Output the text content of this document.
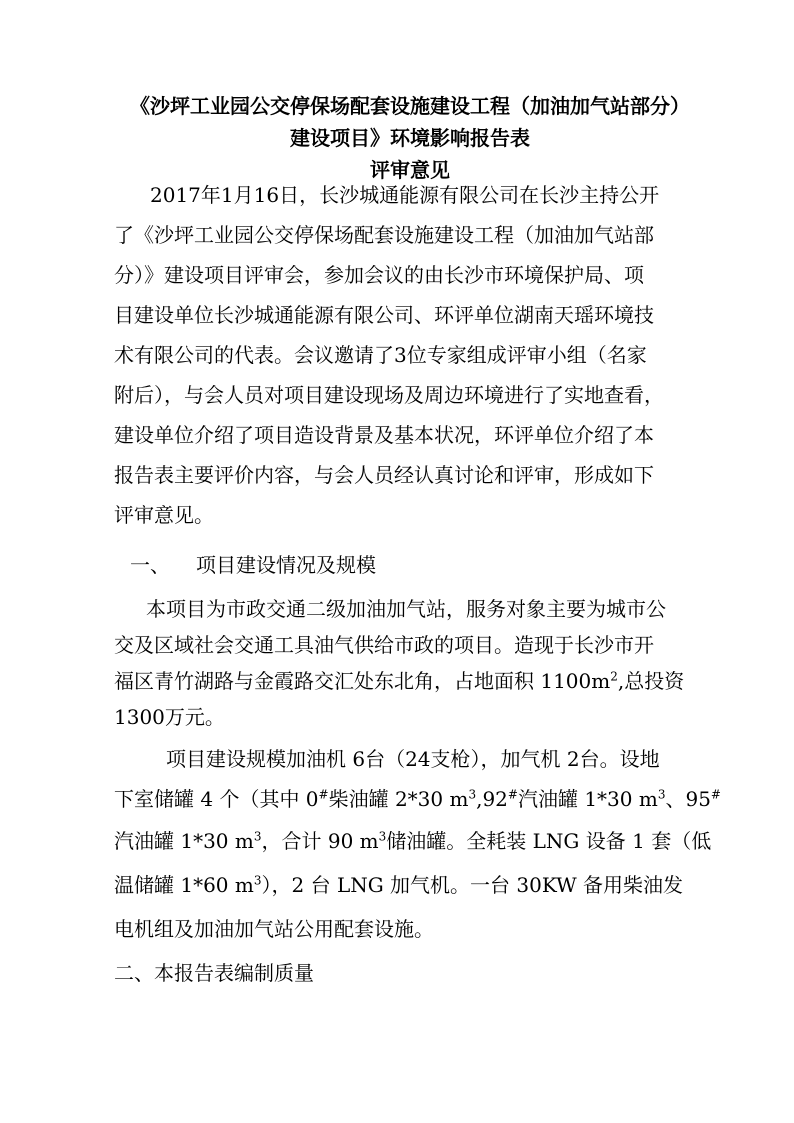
《沙坪工业园公交停保场配套设施建设工程（加油加气站部分）
建设项目》环境影响报告表
评审意见
2017年1月16日，长沙城通能源有限公司在长沙主持公开
了《沙坪工业园公交停保场配套设施建设工程（加油加气站部
分）》建设项目评审会，参加会议的由长沙市环境保护局、项
目建设单位长沙城通能源有限公司、环评单位湖南天瑶环境技
术有限公司的代表。会议邀请了3位专家组成评审小组（名家
附后），与会人员对项目建设现场及周边环境进行了实地查看，
建设单位介绍了项目造设背景及基本状况，环评单位介绍了本
报告表主要评价内容，与会人员经认真讨论和评审，形成如下
评审意见。
一、 项目建设情况及规模
本项目为市政交通二级加油加气站，服务对象主要为城市公
交及区域社会交通工具油气供给市政的项目。造现于长沙市开
福区青竹湖路与金霞路交汇处东北角，占地面积 $1100m^2$,总投资
1300万元。
项目建设规模加油机 6台（24支枪），加气机 2台。设地
下室储罐 4 个（其中 0#柴油罐 2*30 $m^3,92^{\#}$汽油罐 1*30 $m^3$、95#
汽油罐 1*30 $m^3$，合计 90 $m^3$储油罐。全耗装 LNG 设备 1 套（低
温储罐 1*60 $m^3$），2 台 LNG 加气机。一台 30KW 备用柴油发
电机组及加油加气站公用配套设施。
二、本报告表编制质量
